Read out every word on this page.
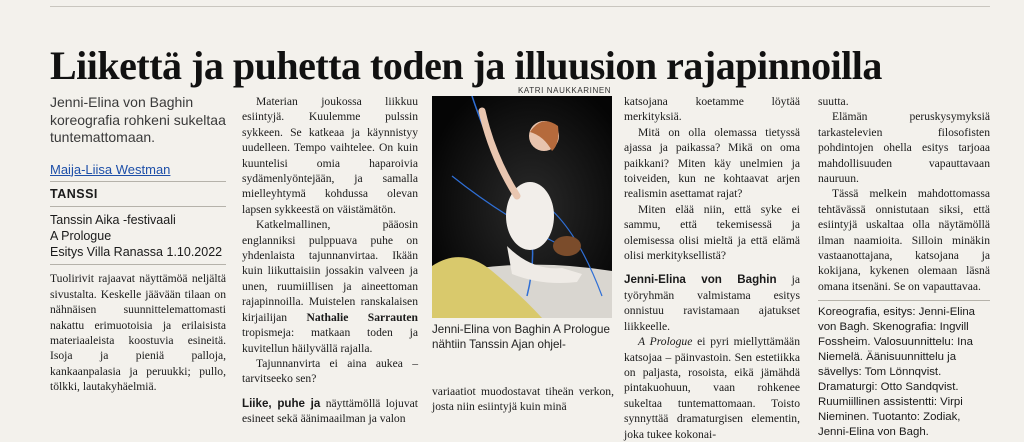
Liikettä ja puhetta toden ja illuusion rajapinnoilla

Jenni-Elina von Baghin koreografia rohkeni sukeltaa tuntemattomaan.

Maija-Liisa Westman
TANSSI
Tanssin Aika -festivaali
A Prologue
Esitys Villa Ranassa 1.10.2022

Tuolirivit rajaavat näyttämöä neljältä sivustalta. Keskelle jäävään tilaan on nähnäisen suunnittelemattomasti nakattu erimuotoisia ja erilaisista materiaaleista koostuvia esineitä. Isoja ja pieniä palloja, kankaanpalasia ja peruukki; pullo, tölkki, lautakyhäelmiä.

Materian joukossa liikkuu esiintyjä. Kuulemme pulssin sykkeen. Se katkeaa ja käynnistyy uudelleen. Tempo vaihtelee. On kuin kuuntelisi omia haparoivia sydämenlyöntejään, ja samalla mielleyhtymä kohdussa olevan lapsen sykkeestä on väistämätön.

Katkelmallinen, pääosin englanniksi pulppuava puhe on yhdenlaista tajunnanvirtaa. Ikään kuin liikuttaisiin jossakin valveen ja unen, ruumiillisen ja aineettoman rajapinnoilla. Muistelen ranskalaisen kirjailijan Nathalie Sarrauten tropismeja: matkaan toden ja kuvitellun häilyvällä rajalla.

Tajunnanvirta ei aina aukea – tarvitseeko sen?

Liike, puhe ja näyttämöllä lojuvat esineet sekä äänimaailman ja valon

KATRI NAUKKARINEN
Jenni-Elina von Baghin A Prologue nähtiin Tanssin Ajan ohjel-

variaatiot muodostavat tiheän verkon, josta niin esiintyjä kuin minä

katsojana koetamme löytää merkityksiä.

Mitä on olla olemassa tietyssä ajassa ja paikassa? Mikä on oma paikkani? Miten käy unelmien ja toiveiden, kun ne kohtaavat arjen realismin asettamat rajat?

Miten elää niin, että syke ei sammu, että tekemisessä ja olemisessa olisi mieltä ja että elämä olisi merkityksellistä?

Jenni-Elina von Baghin ja työryhmän valmistama esitys onnistuu ravistamaan ajatukset liikkeelle.

A Prologue ei pyri miellyttämään katsojaa – päinvastoin. Sen estetiikka on paljasta, rosoista, eikä jämähdä pintakuohuun, vaan rohkenee sukeltaa tuntemattomaan. Toisto synnyttää dramaturgisen elementin, joka tukee kokonai-

suutta.

Elämän peruskysymyksiä tarkastelevien filosofisten pohdintojen ohella esitys tarjoaa mahdollisuuden vapauttavaan nauruun.

Tässä melkein mahdottomassa tehtävässä onnistutaan siksi, että esiintyjä uskaltaa olla näytämöllä ilman naamioita. Silloin minäkin vastaanottajana, katsojana ja kokijana, kykenen olemaan läsnä omana itsenäni. Se on vapauttavaa.

Koreografia, esitys: Jenni-Elina von Bagh. Skenografia: Ingvill Fossheim. Valosuunnittelu: Ina Niemelä. Äänisuunnittelu ja sävellys: Tom Lönnqvist. Dramaturgi: Otto Sandqvist. Ruumiillinen assistentti: Virpi Nieminen. Tuotanto: Zodiak, Jenni-Elina von Bagh.
